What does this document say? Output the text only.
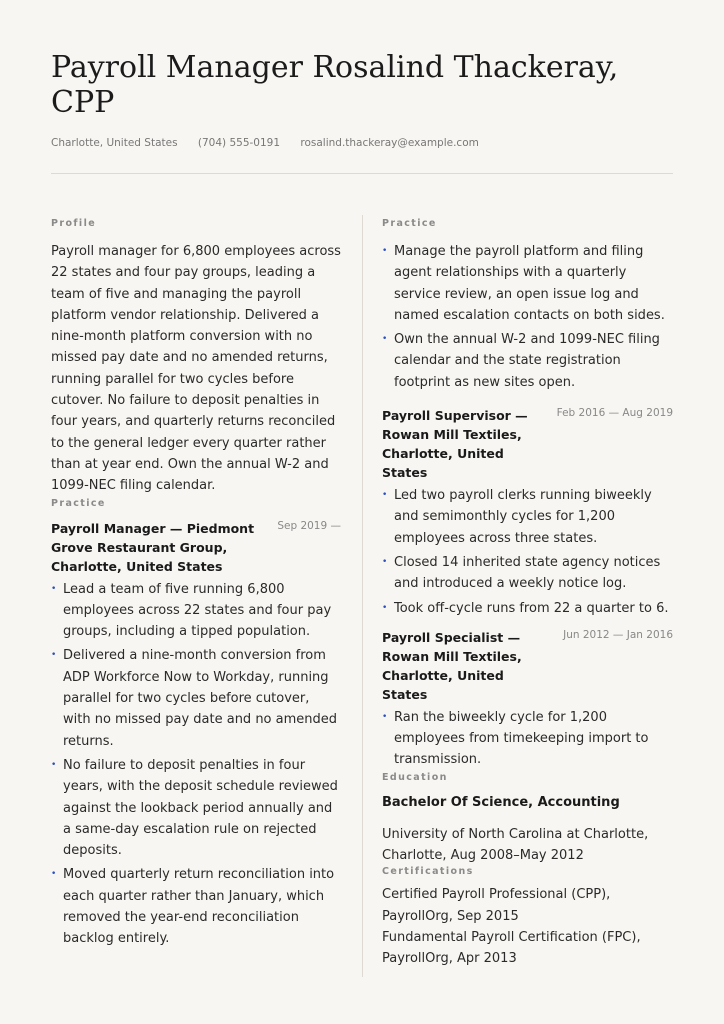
Payroll Manager Rosalind Thackeray, CPP
Charlotte, United States (704) 555-0191 rosalind.thackeray@example.com
Profile

Payroll manager for 6,800 employees across 22 states and four pay groups, leading a team of five and managing the payroll platform vendor relationship. Delivered a nine-month platform conversion with no missed pay date and no amended returns, running parallel for two cycles before cutover. No failure to deposit penalties in four years, and quarterly returns reconciled to the general ledger every quarter rather than at year end. Own the annual W-2 and 1099-NEC filing calendar.

Practice
Payroll Manager — Piedmont Grove Restaurant Group, Charlotte, United States
Sep 2019 —
• Lead a team of five running 6,800 employees across 22 states and four pay groups, including a tipped population.
• Delivered a nine-month conversion from ADP Workforce Now to Workday, running parallel for two cycles before cutover, with no missed pay date and no amended returns.
• No failure to deposit penalties in four years, with the deposit schedule reviewed against the lookback period annually and a same-day escalation rule on rejected deposits.
• Moved quarterly return reconciliation into each quarter rather than January, which removed the year-end reconciliation backlog entirely.
Practice
• Manage the payroll platform and filing agent relationships with a quarterly service review, an open issue log and named escalation contacts on both sides.
• Own the annual W-2 and 1099-NEC filing calendar and the state registration footprint as new sites open.
Payroll Supervisor — Rowan Mill Textiles, Charlotte, United States
Feb 2016 — Aug 2019
• Led two payroll clerks running biweekly and semimonthly cycles for 1,200 employees across three states.
• Closed 14 inherited state agency notices and introduced a weekly notice log.
• Took off-cycle runs from 22 a quarter to 6.
Payroll Specialist — Rowan Mill Textiles, Charlotte, United States
Jun 2012 — Jan 2016
• Ran the biweekly cycle for 1,200 employees from timekeeping import to transmission.
Education
Bachelor Of Science, Accounting
University of North Carolina at Charlotte, Charlotte, Aug 2008–May 2012
Certifications
Certified Payroll Professional (CPP), PayrollOrg, Sep 2015
Fundamental Payroll Certification (FPC), PayrollOrg, Apr 2013
